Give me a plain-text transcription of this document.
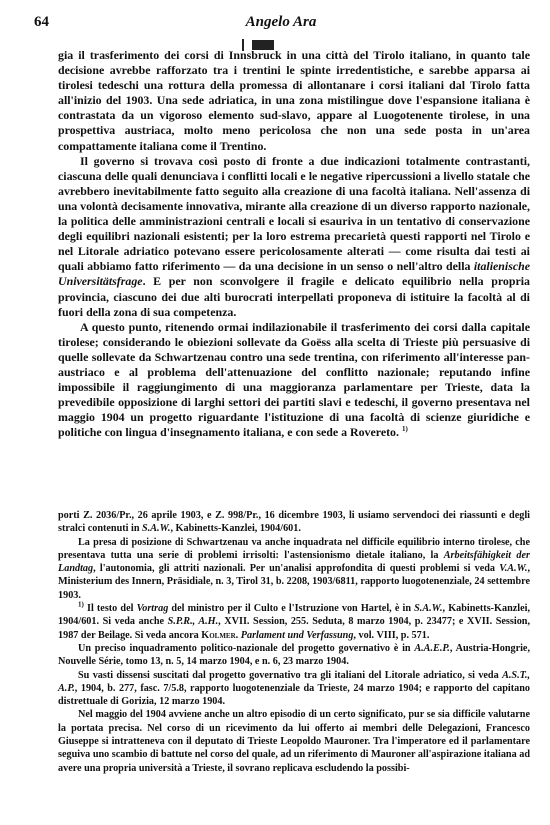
64	Angelo Ara

gia il trasferimento dei corsi di Innsbruck in una città del Tirolo italiano, in quanto tale decisione avrebbe rafforzato tra i trentini le spinte irredentistiche, e sarebbe apparsa ai tirolesi tedeschi una rottura della promessa di allontanare i corsi italiani dal Tirolo fatta all'inizio del 1903. Una sede adriatica, in una zona mistilingue dove l'espansione italiana è contrastata da un vigoroso elemento sud-slavo, appare al Luogotenente tirolese, in una prospettiva austriaca, molto meno pericolosa che non una sede posta in un'area compattamente italiana come il Trentino.

Il governo si trovava così posto di fronte a due indicazioni totalmente contrastanti, ciascuna delle quali denunciava i conflitti locali e le negative ripercussioni a livello statale che avrebbero inevitabilmente fatto seguito alla creazione di una facoltà italiana. Nell'assenza di una volontà decisamente innovativa, mirante alla creazione di un diverso rapporto nazionale, la politica delle amministrazioni centrali e locali si esauriva in un tentativo di conservazione degli equilibri nazionali esistenti; per la loro estrema precarietà questi rapporti nel Tirolo e nel Litorale adriatico potevano essere pericolosamente alterati — come risulta dai testi ai quali abbiamo fatto riferimento — da una decisione in un senso o nell'altro della italienische Universitätsfrage. E per non sconvolgere il fragile e delicato equilibrio nella propria provincia, ciascuno dei due alti burocrati interpellati proponeva di istituire la facoltà al di fuori della zona di sua competenza.

A questo punto, ritenendo ormai indilazionabile il trasferimento dei corsi dalla capitale tirolese; considerando le obiezioni sollevate da Goëss alla scelta di Trieste più persuasive di quelle sollevate da Schwartzenau contro una sede trentina, con riferimento all'interesse pan-austriaco e al problema dell'attenuazione del conflitto nazionale; reputando infine impossibile il raggiungimento di una maggioranza parlamentare per Trieste, data la prevedibile opposizione di larghi settori dei partiti slavi e tedeschi, il governo presentava nel maggio 1904 un progetto riguardante l'istituzione di una facoltà di scienze giuridiche e politiche con lingua d'insegnamento italiana, e con sede a Rovereto. $^{1)}$

porti Z. 2036/Pr., 26 aprile 1903, e Z. 998/Pr., 16 dicembre 1903, li usiamo servendoci dei riassunti e degli stralci contenuti in S.A.W., Kabinetts-Kanzlei, 1904/601.

La presa di posizione di Schwartzenau va anche inquadrata nel difficile equilibrio interno tirolese, che presentava tutta una serie di problemi irrisolti: l'astensionismo dietale italiano, la Arbeitsfähigkeit der Landtag, l'autonomia, gli attriti nazionali. Per un'analisi approfondita di questi problemi si veda V.A.W., Ministerium des Innern, Präsidiale, n. 3, Tirol 31, b. 2208, 1903/6811, rapporto luogotenenziale, 24 settembre 1903.

$^{1)}$ Il testo del Vortrag del ministro per il Culto e l'Istruzione von Hartel, è in S.A.W., Kabinetts-Kanzlei, 1904/601. Si veda anche S.P.R., A.H., XVII. Session, 255. Seduta, 8 marzo 1904, p. 23477; e XVII. Session, 1987 der Beilage. Si veda ancora Kolmer. Parlament und Verfassung, vol. VIII, p. 571.

Un preciso inquadramento politico-nazionale del progetto governativo è in A.A.E.P., Austria-Hongrie, Nouvelle Série, tomo 13, n. 5, 14 marzo 1904, e n. 6, 23 marzo 1904.

Su vasti dissensi suscitati dal progetto governativo tra gli italiani del Litorale adriatico, si veda A.S.T., A.P., 1904, b. 277, fasc. 7/5.8, rapporto luogotenenziale da Trieste, 24 marzo 1904; e rapporto del capitano distrettuale di Gorizia, 12 marzo 1904.

Nel maggio del 1904 avviene anche un altro episodio di un certo significato, pur se sia difficile valutarne la portata precisa. Nel corso di un ricevimento da lui offerto ai membri delle Delegazioni, Francesco Giuseppe si intratteneva con il deputato di Trieste Leopoldo Mauroner. Tra l'imperatore ed il parlamentare seguiva uno scambio di battute nel corso del quale, ad un riferimento di Mauroner all'aspirazione italiana ad avere una propria università a Trieste, il sovrano replicava escludendo la possibi-
